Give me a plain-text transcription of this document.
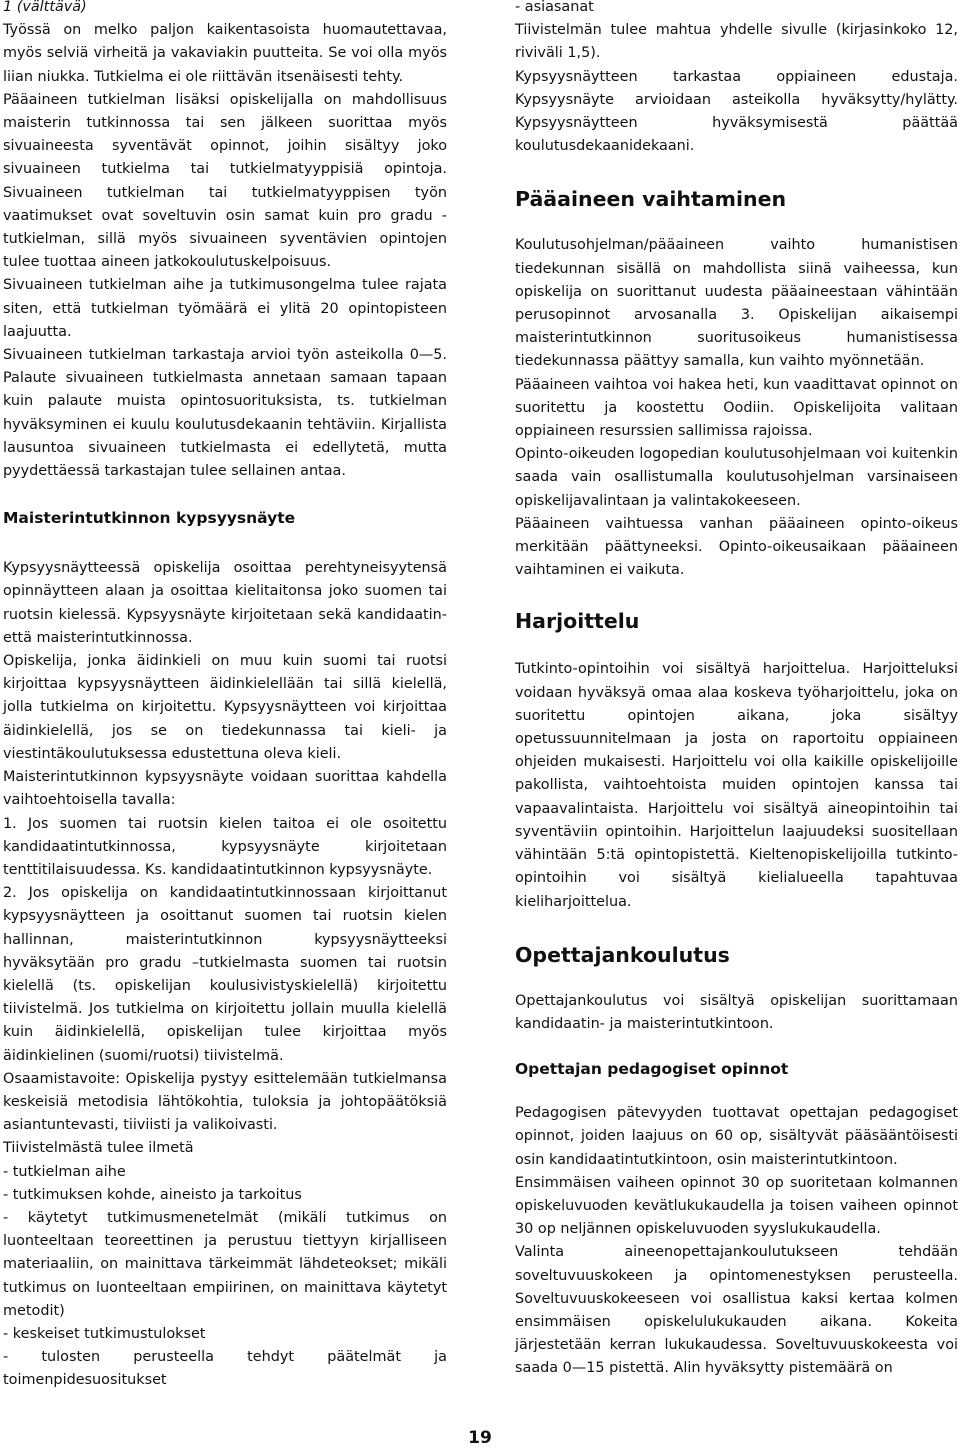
1 (välttävä)

Työssä on melko paljon kaikentasoista huomautettavaa, myös selviä virheitä ja vakaviakin puutteita. Se voi olla myös liian niukka. Tutkielma ei ole riittävän itsenäisesti tehty.

Pääaineen tutkielman lisäksi opiskelijalla on mahdollisuus maisterin tutkinnossa tai sen jälkeen suorittaa myös sivuaineesta syventävät opinnot, joihin sisältyy joko sivuaineen tutkielma tai tutkielmatyyppisiä opintoja. Sivuaineen tutkielman tai tutkielmatyyppisen työn vaatimukset ovat soveltuvin osin samat kuin pro gradu -tutkielman, sillä myös sivuaineen syventävien opintojen tulee tuottaa aineen jatkokoulutuskelpoisuus.

Sivuaineen tutkielman aihe ja tutkimusongelma tulee rajata siten, että tutkielman työmäärä ei ylitä 20 opintopisteen laajuutta.

Sivuaineen tutkielman tarkastaja arvioi työn asteikolla 0—5. Palaute sivuaineen tutkielmasta annetaan samaan tapaan kuin palaute muista opintosuorituksista, ts. tutkielman hyväksyminen ei kuulu koulutusdekaanin tehtäviin. Kirjallista lausuntoa sivuaineen tutkielmasta ei edellytetä, mutta pyydettäessä tarkastajan tulee sellainen antaa.

Maisterintutkinnon kypsyysnäyte

Kypsyysnäytteessä opiskelija osoittaa perehtyneisyytensä opinnäytteen alaan ja osoittaa kielitaitonsa joko suomen tai ruotsin kielessä. Kypsyysnäyte kirjoitetaan sekä kandidaatin- että maisterintutkinnossa.

Opiskelija, jonka äidinkieli on muu kuin suomi tai ruotsi kirjoittaa kypsyysnäytteen äidinkielellään tai sillä kielellä, jolla tutkielma on kirjoitettu. Kypsyysnäytteen voi kirjoittaa äidinkielellä, jos se on tiedekunnassa tai kieli- ja viestintäkoulutuksessa edustettuna oleva kieli.

Maisterintutkinnon kypsyysnäyte voidaan suorittaa kahdella vaihtoehtoisella tavalla:

1. Jos suomen tai ruotsin kielen taitoa ei ole osoitettu kandidaatintutkinnossa, kypsyysnäyte kirjoitetaan tenttitilaisuudessa. Ks. kandidaatintutkinnon kypsyysnäyte.

2. Jos opiskelija on kandidaatintutkinnossaan kirjoittanut kypsyysnäytteen ja osoittanut suomen tai ruotsin kielen hallinnan, maisterintutkinnon kypsyysnäytteeksi hyväksytään pro gradu –tutkielmasta suomen tai ruotsin kielellä (ts. opiskelijan koulusivistyskielellä) kirjoitettu tiivistelmä. Jos tutkielma on kirjoitettu jollain muulla kielellä kuin äidinkielellä, opiskelijan tulee kirjoittaa myös äidinkielinen (suomi/ruotsi) tiivistelmä.

Osaamistavoite: Opiskelija pystyy esittelemään tutkielmansa keskeisiä metodisia lähtökohtia, tuloksia ja johtopäätöksiä asiantuntevasti, tiiviisti ja valikoivasti.

Tiivistelmästä tulee ilmetä

- tutkielman aihe

- tutkimuksen kohde, aineisto ja tarkoitus

- käytetyt tutkimusmenetelmät (mikäli tutkimus on luonteeltaan teoreettinen ja perustuu tiettyyn kirjalliseen materiaaliin, on mainittava tärkeimmät lähdeteokset; mikäli tutkimus on luonteeltaan empiirinen, on mainittava käytetyt metodit)

- keskeiset tutkimustulokset

- tulosten perusteella tehdyt päätelmät ja toimenpidesuositukset

- asiasanat

Tiivistelmän tulee mahtua yhdelle sivulle (kirjasinkoko 12, riviväli 1,5).

Kypsyysnäytteen tarkastaa oppiaineen edustaja. Kypsyysnäyte arvioidaan asteikolla hyväksytty/hylätty. Kypsyysnäytteen hyväksymisestä päättää koulutusdekaanidekaani.

Pääaineen vaihtaminen

Koulutusohjelman/pääaineen vaihto humanistisen tiedekunnan sisällä on mahdollista siinä vaiheessa, kun opiskelija on suorittanut uudesta pääaineestaan vähintään perusopinnot arvosanalla 3. Opiskelijan aikaisempi maisterintutkinnon suoritusoikeus humanistisessa tiedekunnassa päättyy samalla, kun vaihto myönnetään.

Pääaineen vaihtoa voi hakea heti, kun vaadittavat opinnot on suoritettu ja koostettu Oodiin. Opiskelijoita valitaan oppiaineen resurssien sallimissa rajoissa.

Opinto-oikeuden logopedian koulutusohjelmaan voi kuitenkin saada vain osallistumalla koulutusohjelman varsinaiseen opiskelijavalintaan ja valintakokeeseen.

Pääaineen vaihtuessa vanhan pääaineen opinto-oikeus merkitään päättyneeksi. Opinto-oikeusaikaan pääaineen vaihtaminen ei vaikuta.

Harjoittelu

Tutkinto-opintoihin voi sisältyä harjoittelua. Harjoitteluksi voidaan hyväksyä omaa alaa koskeva työharjoittelu, joka on suoritettu opintojen aikana, joka sisältyy opetussuunnitelmaan ja josta on raportoitu oppiaineen ohjeiden mukaisesti. Harjoittelu voi olla kaikille opiskelijoille pakollista, vaihtoehtoista muiden opintojen kanssa tai vapaavalintaista. Harjoittelu voi sisältyä aineopintoihin tai syventäviin opintoihin. Harjoittelun laajuudeksi suositellaan vähintään 5:tä opintopistettä. Kieltenopiskelijoilla tutkinto-opintoihin voi sisältyä kielialueella tapahtuvaa kieliharjoittelua.

Opettajankoulutus

Opettajankoulutus voi sisältyä opiskelijan suorittamaan kandidaatin- ja maisterintutkintoon.

Opettajan pedagogiset opinnot

Pedagogisen pätevyyden tuottavat opettajan pedagogiset opinnot, joiden laajuus on 60 op, sisältyvät pääsääntöisesti osin kandidaatintutkintoon, osin maisterintutkintoon.

Ensimmäisen vaiheen opinnot 30 op suoritetaan kolmannen opiskeluvuoden kevätlukukaudella ja toisen vaiheen opinnot 30 op neljännen opiskeluvuoden syyslukukaudella.

Valinta aineenopettajankoulutukseen tehdään soveltuvuuskokeen ja opintomenestyksen perusteella. Soveltuvuuskokeeseen voi osallistua kaksi kertaa kolmen ensimmäisen opiskelulukukauden aikana. Kokeita järjestetään kerran lukukaudessa. Soveltuvuuskokeesta voi saada 0—15 pistettä. Alin hyväksytty pistemäärä on

19
